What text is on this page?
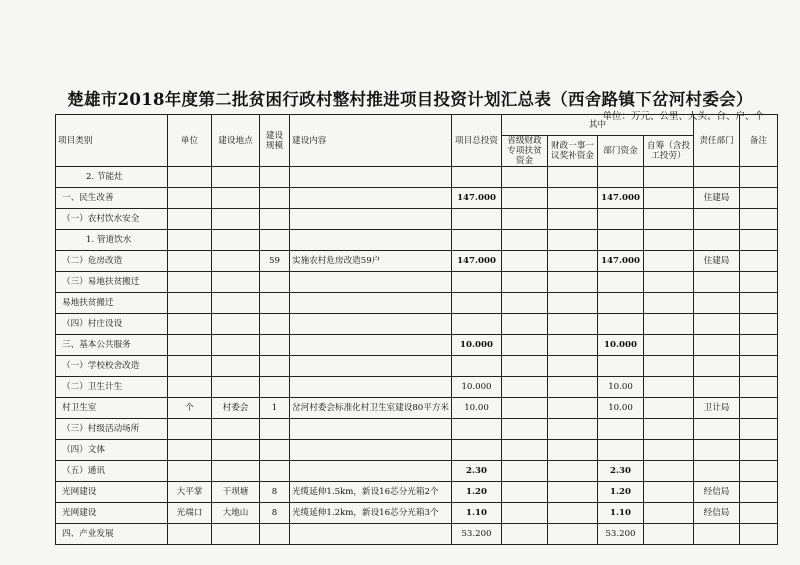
楚雄市2018年度第二批贫困行政村整村推进项目投资计划汇总表（西舍路镇下岔河村委会）
单位：万元、公里、人头、台、户、个
项目类别	单位	建设地点	建设规模	建设内容	项目总投资	其中				责任部门	备注
						省级财政专项扶贫资金	财政一事一议奖补资金	部门资金	自筹（含投工投劳）		
2. 节能灶											
一、民生改善					147.000			147.000		住建局	
（一）农村饮水安全											
1. 管道饮水											
（二）危房改造			59	实施农村危房改造59户	147.000			147.000		住建局	
（三）易地扶贫搬迁											
易地扶贫搬迁											
（四）村庄设设											
三、基本公共服务					10.000			10.000			
（一）学校校舍改造											
（二）卫生计生					10.000			10.00			
村卫生室	个	村委会	1	岔河村委会标准化村卫生室建设80平方米	10.00			10.00		卫计局	
（三）村级活动场所											
（四）文体											
（五）通讯					2.30			2.30			
光网建设	大平掌	干坝塘	8	光缆延伸1.5km，新设16芯分光箱2个	1.20			1.20		经信局	
光网建设	光端口	大地山	8	光缆延伸1.2km，新设16芯分光箱3个	1.10			1.10		经信局	
四、产业发展					53.200			53.200			
